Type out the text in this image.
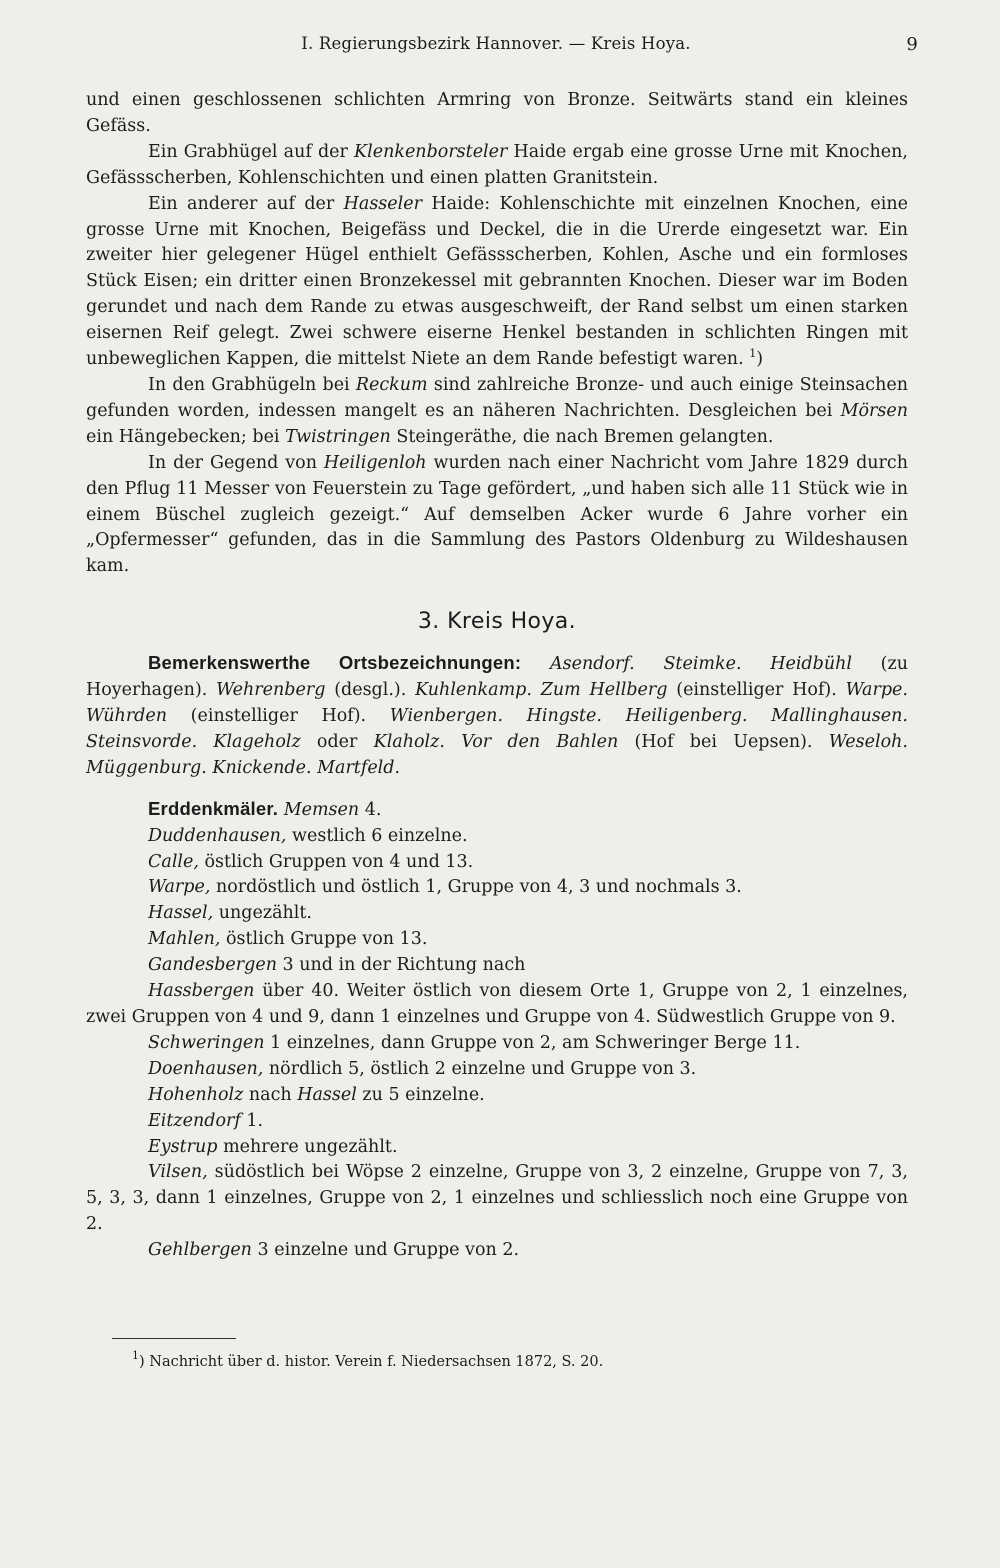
I. Regierungsbezirk Hannover. — Kreis Hoya.	9

und einen geschlossenen schlichten Armring von Bronze. Seitwärts stand ein kleines Gefäss.

Ein Grabhügel auf der Klenkenborsteler Haide ergab eine grosse Urne mit Knochen, Gefässscherben, Kohlenschichten und einen platten Granitstein.

Ein anderer auf der Hasseler Haide: Kohlenschichte mit einzelnen Knochen, eine grosse Urne mit Knochen, Beigefäss und Deckel, die in die Urerde eingesetzt war. Ein zweiter hier gelegener Hügel enthielt Gefässscherben, Kohlen, Asche und ein formloses Stück Eisen; ein dritter einen Bronzekessel mit gebrannten Knochen. Dieser war im Boden gerundet und nach dem Rande zu etwas ausgeschweift, der Rand selbst um einen starken eisernen Reif gelegt. Zwei schwere eiserne Henkel bestanden in schlichten Ringen mit unbeweglichen Kappen, die mittelst Niete an dem Rande befestigt waren. $^1$)

In den Grabhügeln bei Reckum sind zahlreiche Bronze- und auch einige Steinsachen gefunden worden, indessen mangelt es an näheren Nachrichten. Desgleichen bei Mörsen ein Hängebecken; bei Twistringen Steingeräthe, die nach Bremen gelangten.

In der Gegend von Heiligenloh wurden nach einer Nachricht vom Jahre 1829 durch den Pflug 11 Messer von Feuerstein zu Tage gefördert, „und haben sich alle 11 Stück wie in einem Büschel zugleich gezeigt.“ Auf demselben Acker wurde 6 Jahre vorher ein „Opfermesser“ gefunden, das in die Sammlung des Pastors Oldenburg zu Wildeshausen kam.

3. Kreis Hoya.

Bemerkenswerthe Ortsbezeichnungen: Asendorf. Steimke. Heidbühl (zu Hoyerhagen). Wehrenberg (desgl.). Kuhlenkamp. Zum Hellberg (einstelliger Hof). Warpe. Wührden (einstelliger Hof). Wienbergen. Hingste. Heiligenberg. Mallinghausen. Steinsvorde. Klageholz oder Klaholz. Vor den Bahlen (Hof bei Uepsen). Weseloh. Müggenburg. Knickende. Martfeld.

Erddenkmäler. Memsen 4.

Duddenhausen, westlich 6 einzelne.

Calle, östlich Gruppen von 4 und 13.

Warpe, nordöstlich und östlich 1, Gruppe von 4, 3 und nochmals 3.

Hassel, ungezählt.

Mahlen, östlich Gruppe von 13.

Gandesbergen 3 und in der Richtung nach

Hassbergen über 40. Weiter östlich von diesem Orte 1, Gruppe von 2, 1 einzelnes, zwei Gruppen von 4 und 9, dann 1 einzelnes und Gruppe von 4. Südwestlich Gruppe von 9.

Schweringen 1 einzelnes, dann Gruppe von 2, am Schweringer Berge 11.

Doenhausen, nördlich 5, östlich 2 einzelne und Gruppe von 3.

Hohenholz nach Hassel zu 5 einzelne.

Eitzendorf 1.

Eystrup mehrere ungezählt.

Vilsen, südöstlich bei Wöpse 2 einzelne, Gruppe von 3, 2 einzelne, Gruppe von 7, 3, 5, 3, 3, dann 1 einzelnes, Gruppe von 2, 1 einzelnes und schliesslich noch eine Gruppe von 2.

Gehlbergen 3 einzelne und Gruppe von 2.

$^1$) Nachricht über d. histor. Verein f. Niedersachsen 1872, S. 20.
